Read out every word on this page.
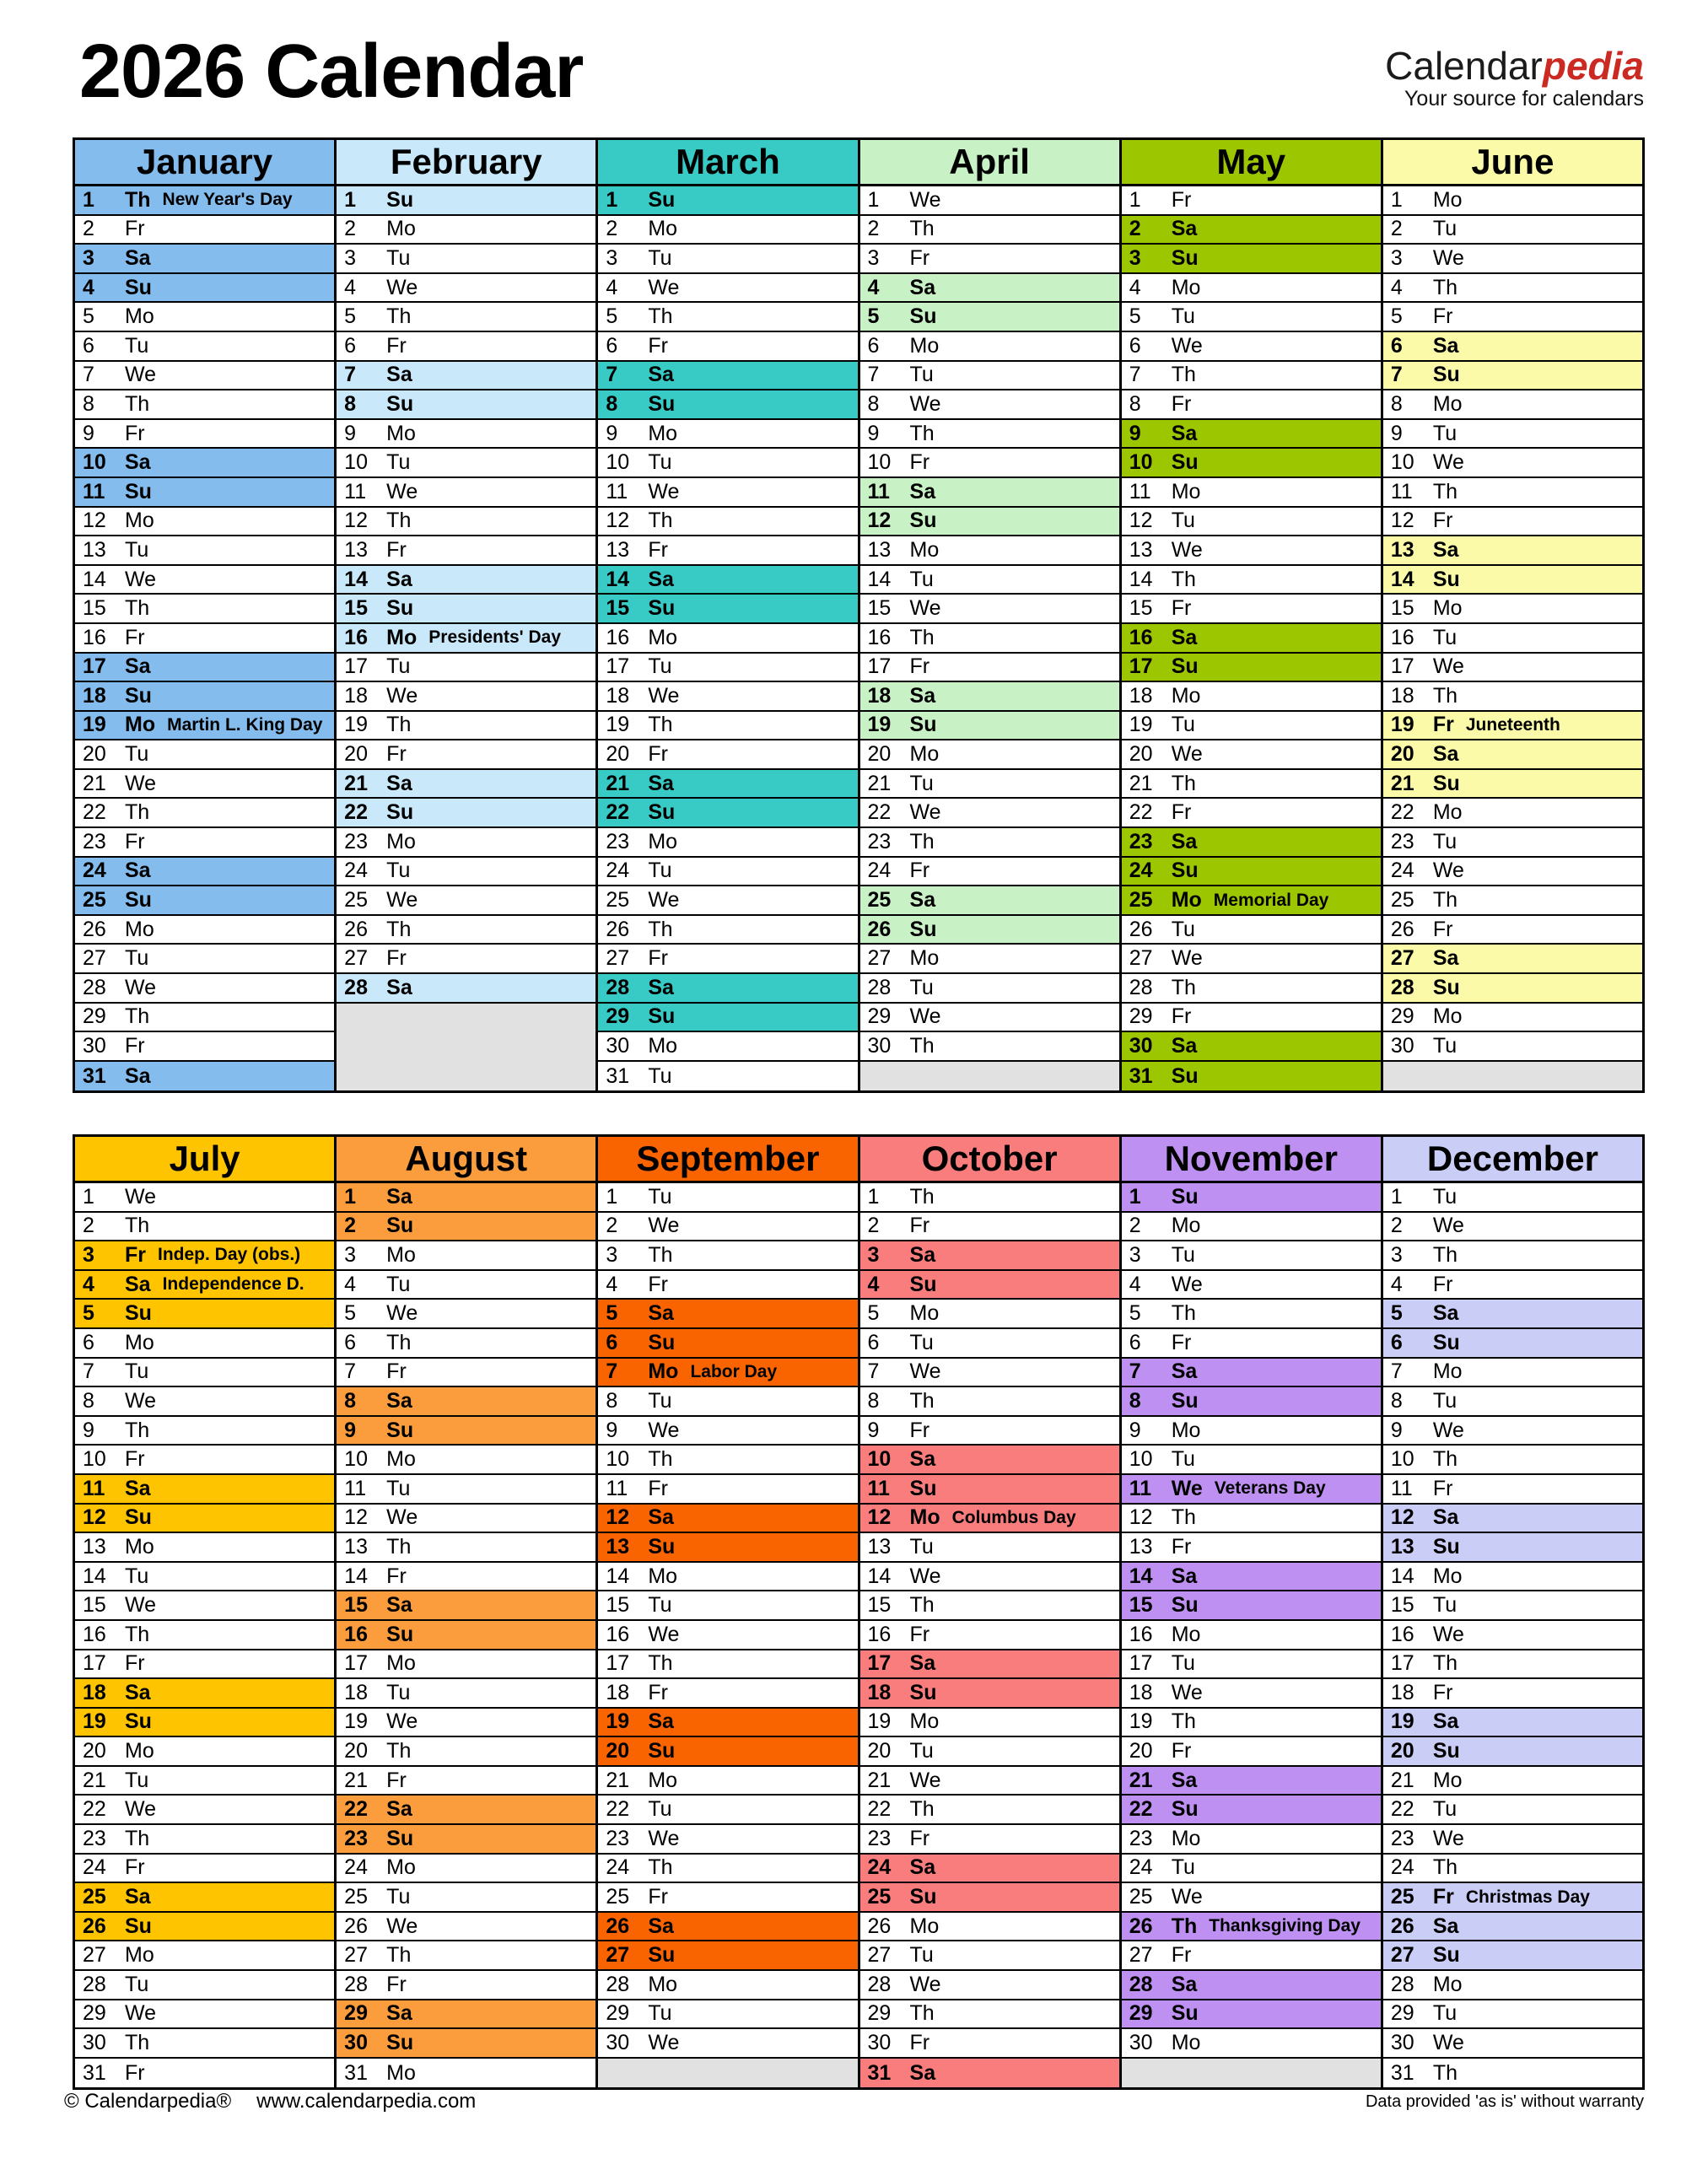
2026 Calendar	Calendarpedia
Your source for calendars
January
1	Th New Year's Day
2	Fr
3	Sa
4	Su
5	Mo
6	Tu
7	We
8	Th
9	Fr
10 Sa
11 Su
12 Mo
13 Tu
14 We
15 Th
16 Fr
17 Sa
18 Su
19 Mo Martin L. King Day
20 Tu
21 We
22 Th
23 Fr
24 Sa
25 Su
26 Mo
27 Tu
28 We
29 Th
30 Fr
31 Sa
February
1	Su
2	Mo
3	Tu
4	We
5	Th
6	Fr
7	Sa
8	Su
9	Mo
10 Tu
11 We
12 Th
13 Fr
14 Sa
15 Su
16 Mo Presidents' Day
17 Tu
18 We
19 Th
20 Fr
21 Sa
22 Su
23 Mo
24 Tu
25 We
26 Th
27 Fr
28 Sa
March
1	Su
2	Mo
3	Tu
4	We
5	Th
6	Fr
7	Sa
8	Su
9	Mo
10 Tu
11 We
12 Th
13 Fr
14 Sa
15 Su
16 Mo
17 Tu
18 We
19 Th
20 Fr
21 Sa
22 Su
23 Mo
24 Tu
25 We
26 Th
27 Fr
28 Sa
29 Su
30 Mo
31 Tu
April
1	We
2	Th
3	Fr
4	Sa
5	Su
6	Mo
7	Tu
8	We
9	Th
10 Fr
11 Sa
12 Su
13 Mo
14 Tu
15 We
16 Th
17 Fr
18 Sa
19 Su
20 Mo
21 Tu
22 We
23 Th
24 Fr
25 Sa
26 Su
27 Mo
28 Tu
29 We
30 Th
May
1	Fr
2	Sa
3	Su
4	Mo
5	Tu
6	We
7	Th
8	Fr
9	Sa
10 Su
11 Mo
12 Tu
13 We
14 Th
15 Fr
16 Sa
17 Su
18 Mo
19 Tu
20 We
21 Th
22 Fr
23 Sa
24 Su
25 Mo Memorial Day
26 Tu
27 We
28 Th
29 Fr
30 Sa
31 Su
June
1	Mo
2	Tu
3	We
4	Th
5	Fr
6	Sa
7	Su
8	Mo
9	Tu
10 We
11 Th
12 Fr
13 Sa
14 Su
15 Mo
16 Tu
17 We
18 Th
19 Fr Juneteenth
20 Sa
21 Su
22 Mo
23 Tu
24 We
25 Th
26 Fr
27 Sa
28 Su
29 Mo
30 Tu
July
1	We
2	Th
3	Fr Indep. Day (obs.)
4	Sa Independence D.
5	Su
6	Mo
7	Tu
8	We
9	Th
10 Fr
11 Sa
12 Su
13 Mo
14 Tu
15 We
16 Th
17 Fr
18 Sa
19 Su
20 Mo
21 Tu
22 We
23 Th
24 Fr
25 Sa
26 Su
27 Mo
28 Tu
29 We
30 Th
31 Fr
August
1	Sa
2	Su
3	Mo
4	Tu
5	We
6	Th
7	Fr
8	Sa
9	Su
10 Mo
11 Tu
12 We
13 Th
14 Fr
15 Sa
16 Su
17 Mo
18 Tu
19 We
20 Th
21 Fr
22 Sa
23 Su
24 Mo
25 Tu
26 We
27 Th
28 Fr
29 Sa
30 Su
31 Mo
September
1	Tu
2	We
3	Th
4	Fr
5	Sa
6	Su
7	Mo Labor Day
8	Tu
9	We
10 Th
11 Fr
12 Sa
13 Su
14 Mo
15 Tu
16 We
17 Th
18 Fr
19 Sa
20 Su
21 Mo
22 Tu
23 We
24 Th
25 Fr
26 Sa
27 Su
28 Mo
29 Tu
30 We
October
1	Th
2	Fr
3	Sa
4	Su
5	Mo
6	Tu
7	We
8	Th
9	Fr
10 Sa
11 Su
12 Mo Columbus Day
13 Tu
14 We
15 Th
16 Fr
17 Sa
18 Su
19 Mo
20 Tu
21 We
22 Th
23 Fr
24 Sa
25 Su
26 Mo
27 Tu
28 We
29 Th
30 Fr
31 Sa
November
1	Su
2	Mo
3	Tu
4	We
5	Th
6	Fr
7	Sa
8	Su
9	Mo
10 Tu
11 We Veterans Day
12 Th
13 Fr
14 Sa
15 Su
16 Mo
17 Tu
18 We
19 Th
20 Fr
21 Sa
22 Su
23 Mo
24 Tu
25 We
26 Th Thanksgiving Day
27 Fr
28 Sa
29 Su
30 Mo
December
1	Tu
2	We
3	Th
4	Fr
5	Sa
6	Su
7	Mo
8	Tu
9	We
10 Th
11 Fr
12 Sa
13 Su
14 Mo
15 Tu
16 We
17 Th
18 Fr
19 Sa
20 Su
21 Mo
22 Tu
23 We
24 Th
25 Fr Christmas Day
26 Sa
27 Su
28 Mo
29 Tu
30 We
31 Th
© Calendarpedia® www.calendarpedia.com	Data provided 'as is' without warranty
